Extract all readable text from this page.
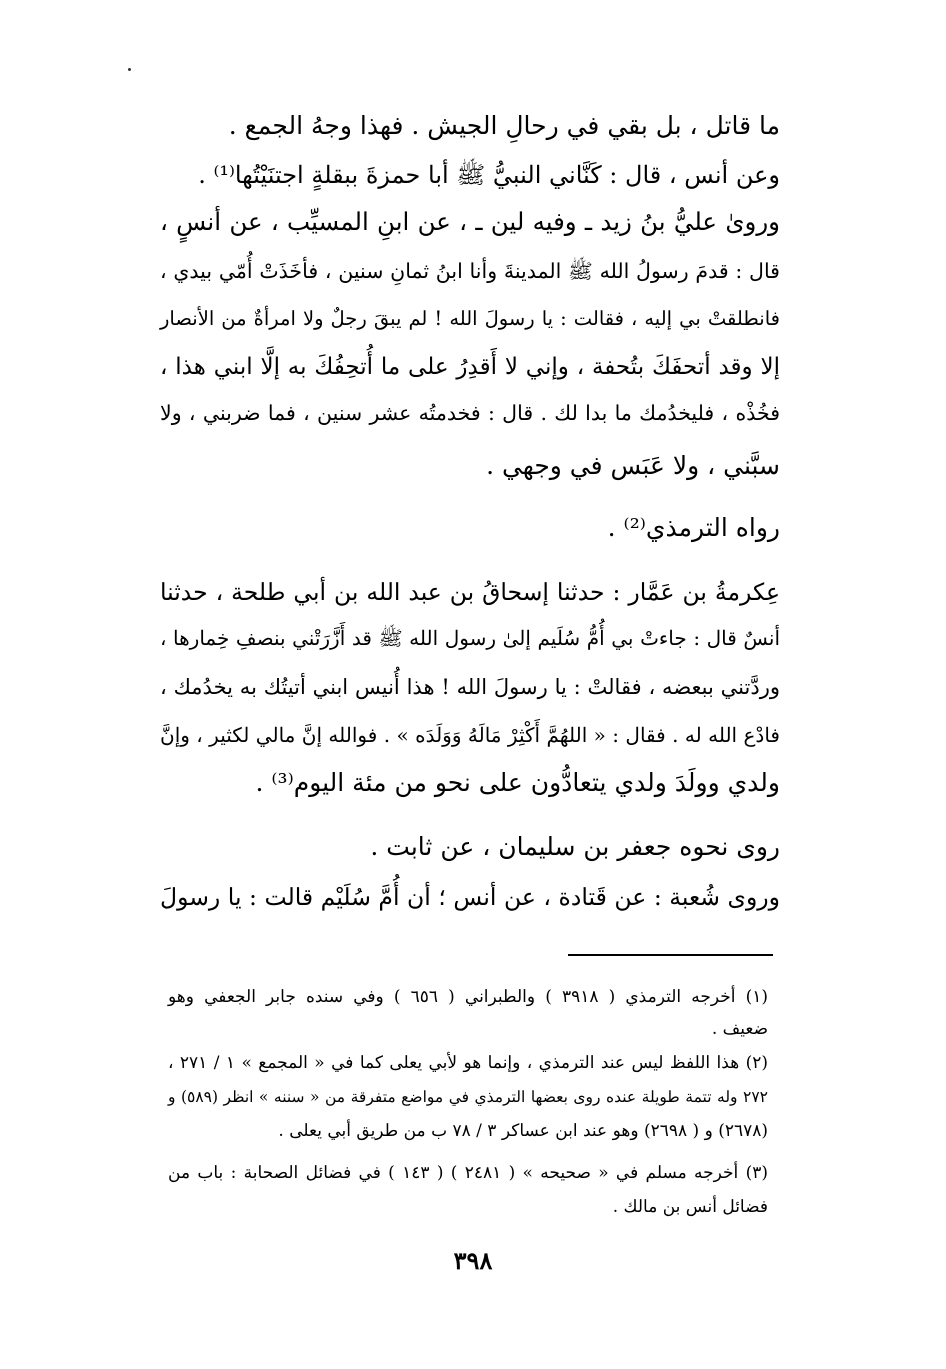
ما قاتل ، بل بقي في رحالِ الجيش . فهذا وجهُ الجمع .
وعن أنس ، قال : كَنَّاني النبيُّ ﷺ أبا حمزةَ ببقلةٍ اجتنَيْتُها⁽¹⁾ .
وروىٰ عليُّ بنُ زيد ـ وفيه لين ـ ، عن ابنِ المسيِّب ، عن أنسٍ ،
قال : قدمَ رسولُ الله ﷺ المدينةَ وأنا ابنُ ثمانِ سنين ، فأخَذَتْ أُمّي بيدي ،
فانطلقتْ بي إليه ، فقالت : يا رسولَ الله ! لم يبقَ رجلٌ ولا امرأةٌ من الأنصار
إلا وقد أتحفَكَ بتُحفة ، وإني لا أَقدِرُ على ما أُتحِفُكَ به إلَّا ابني هذا ،
فخُذْه ، فليخدُمك ما بدا لك . قال : فخدمتُه عشر سنين ، فما ضربني ، ولا
سبَّني ، ولا عَبَس في وجهي .
رواه الترمذي⁽²⁾ .
عِكرمةُ بن عَمَّار : حدثنا إسحاقُ بن عبد الله بن أبي طلحة ، حدثنا
أنسٌ قال : جاءتْ بي أُمُّ سُلَيم إلىٰ رسول الله ﷺ قد أَزَّرَتْني بنصفِ خِمارها ،
وردَّتني ببعضه ، فقالتْ : يا رسولَ الله ! هذا أُنيس ابني أتيتُك به يخدُمك ،
فادْع الله له . فقال : « اللهُمَّ أَكْثِرْ مَالَهُ وَوَلَدَه » . فوالله إنَّ مالي لكثير ، وإنَّ
ولدي وولَدَ ولدي يتعادُّون على نحو من مئة اليوم⁽³⁾ .
روى نحوه جعفر بن سليمان ، عن ثابت .
وروى شُعبة : عن قَتادة ، عن أنس ؛ أن أُمَّ سُلَيْم قالت : يا رسولَ
(١) أخرجه الترمذي ( ٣٩١٨ ) والطبراني ( ٦٥٦ ) وفي سنده جابر الجعفي وهو
ضعيف .
(٢) هذا اللفظ ليس عند الترمذي ، وإنما هو لأبي يعلى كما في « المجمع » ١ / ٢٧١ ،
٢٧٢ وله تتمة طويلة عنده روى بعضها الترمذي في مواضع متفرقة من « سننه » انظر (٥٨٩) و
(٢٦٧٨) و ( ٢٦٩٨) وهو عند ابن عساكر ٣ / ٧٨ ب من طريق أبي يعلى .
(٣) أخرجه مسلم في « صحيحه » ( ٢٤٨١ ) ( ١٤٣ ) في فضائل الصحابة : باب من
فضائل أنس بن مالك .
٣٩٨
